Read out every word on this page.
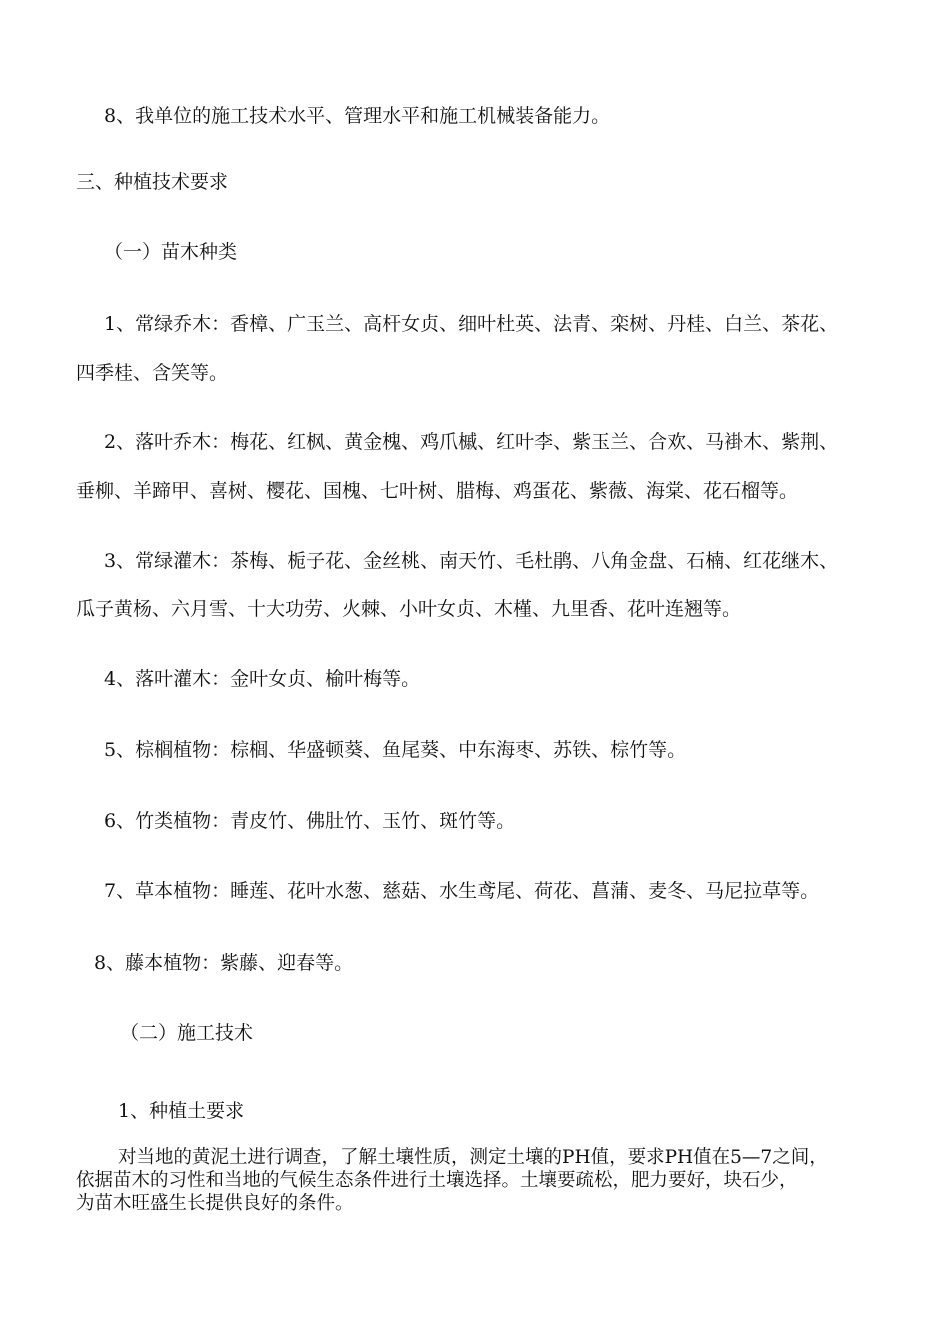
8、我单位的施工技术水平、管理水平和施工机械装备能力。
三、种植技术要求
（一）苗木种类
1、常绿乔木：香樟、广玉兰、高杆女贞、细叶杜英、法青、栾树、丹桂、白兰、茶花、
四季桂、含笑等。
2、落叶乔木：梅花、红枫、黄金槐、鸡爪槭、红叶李、紫玉兰、合欢、马褂木、紫荆、
垂柳、羊蹄甲、喜树、樱花、国槐、七叶树、腊梅、鸡蛋花、紫薇、海棠、花石榴等。
3、常绿灌木：茶梅、栀子花、金丝桃、南天竹、毛杜鹃、八角金盘、石楠、红花继木、
瓜子黄杨、六月雪、十大功劳、火棘、小叶女贞、木槿、九里香、花叶连翘等。
4、落叶灌木：金叶女贞、榆叶梅等。
5、棕榈植物：棕榈、华盛顿葵、鱼尾葵、中东海枣、苏铁、棕竹等。
6、竹类植物：青皮竹、佛肚竹、玉竹、斑竹等。
7、草本植物：睡莲、花叶水葱、慈菇、水生鸢尾、荷花、菖蒲、麦冬、马尼拉草等。
8、藤本植物：紫藤、迎春等。
（二）施工技术
1、种植土要求
对当地的黄泥土进行调查，了解土壤性质，测定土壤的PH值，要求PH值在5—7之间，
依据苗木的习性和当地的气候生态条件进行土壤选择。土壤要疏松，肥力要好，块石少，
为苗木旺盛生长提供良好的条件。
